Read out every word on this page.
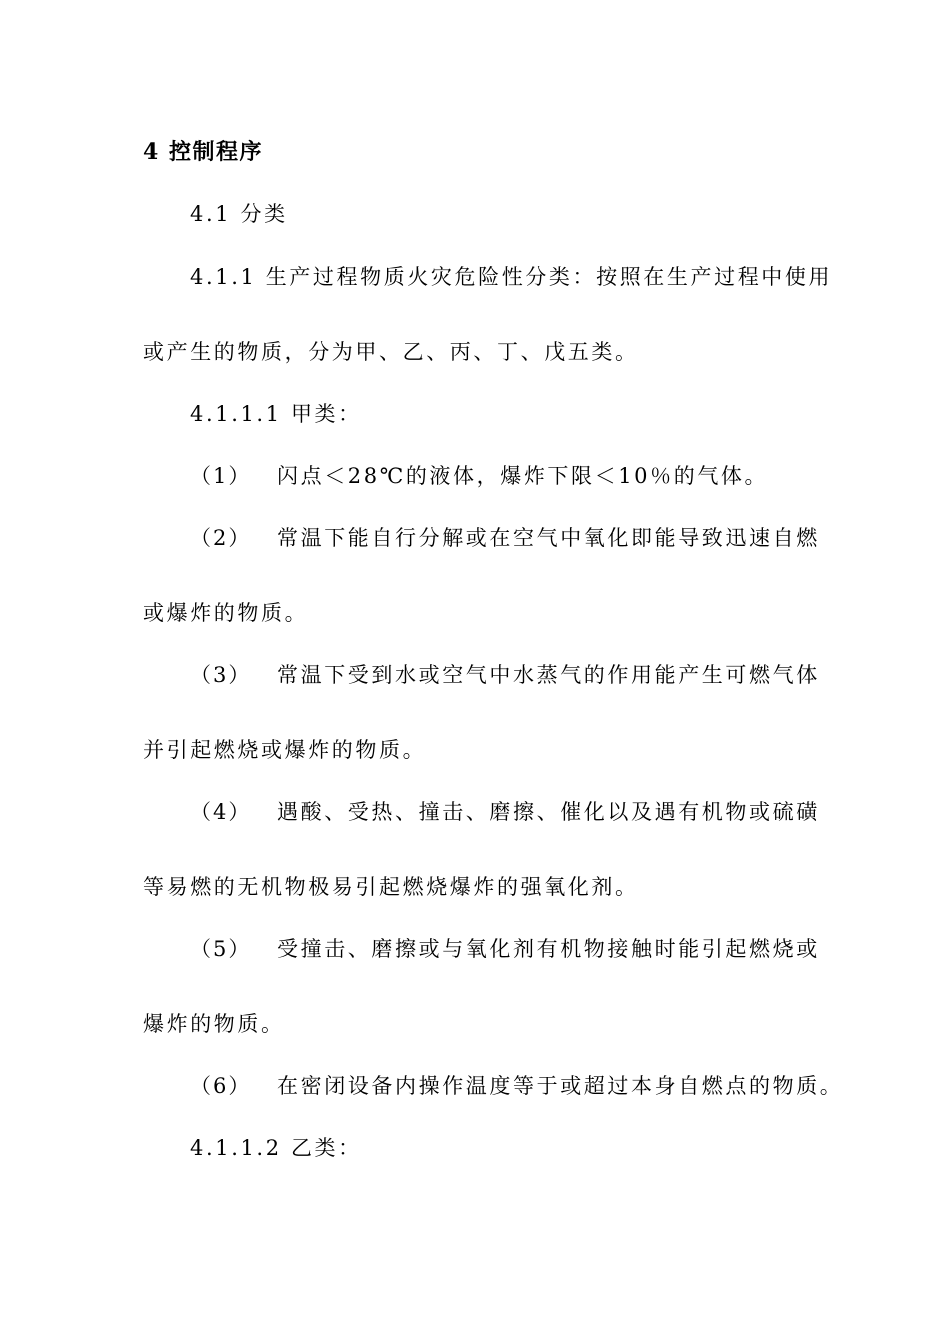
4 控制程序
4.1 分类
4.1.1 生产过程物质火灾危险性分类：按照在生产过程中使用
或产生的物质，分为甲、乙、丙、丁、戊五类。
4.1.1.1 甲类：
（1） 闪点＜28℃的液体，爆炸下限＜10％的气体。
（2） 常温下能自行分解或在空气中氧化即能导致迅速自燃
或爆炸的物质。
（3） 常温下受到水或空气中水蒸气的作用能产生可燃气体
并引起燃烧或爆炸的物质。
（4） 遇酸、受热、撞击、磨擦、催化以及遇有机物或硫磺
等易燃的无机物极易引起燃烧爆炸的强氧化剂。
（5） 受撞击、磨擦或与氧化剂有机物接触时能引起燃烧或
爆炸的物质。
（6） 在密闭设备内操作温度等于或超过本身自燃点的物质。
4.1.1.2 乙类：
